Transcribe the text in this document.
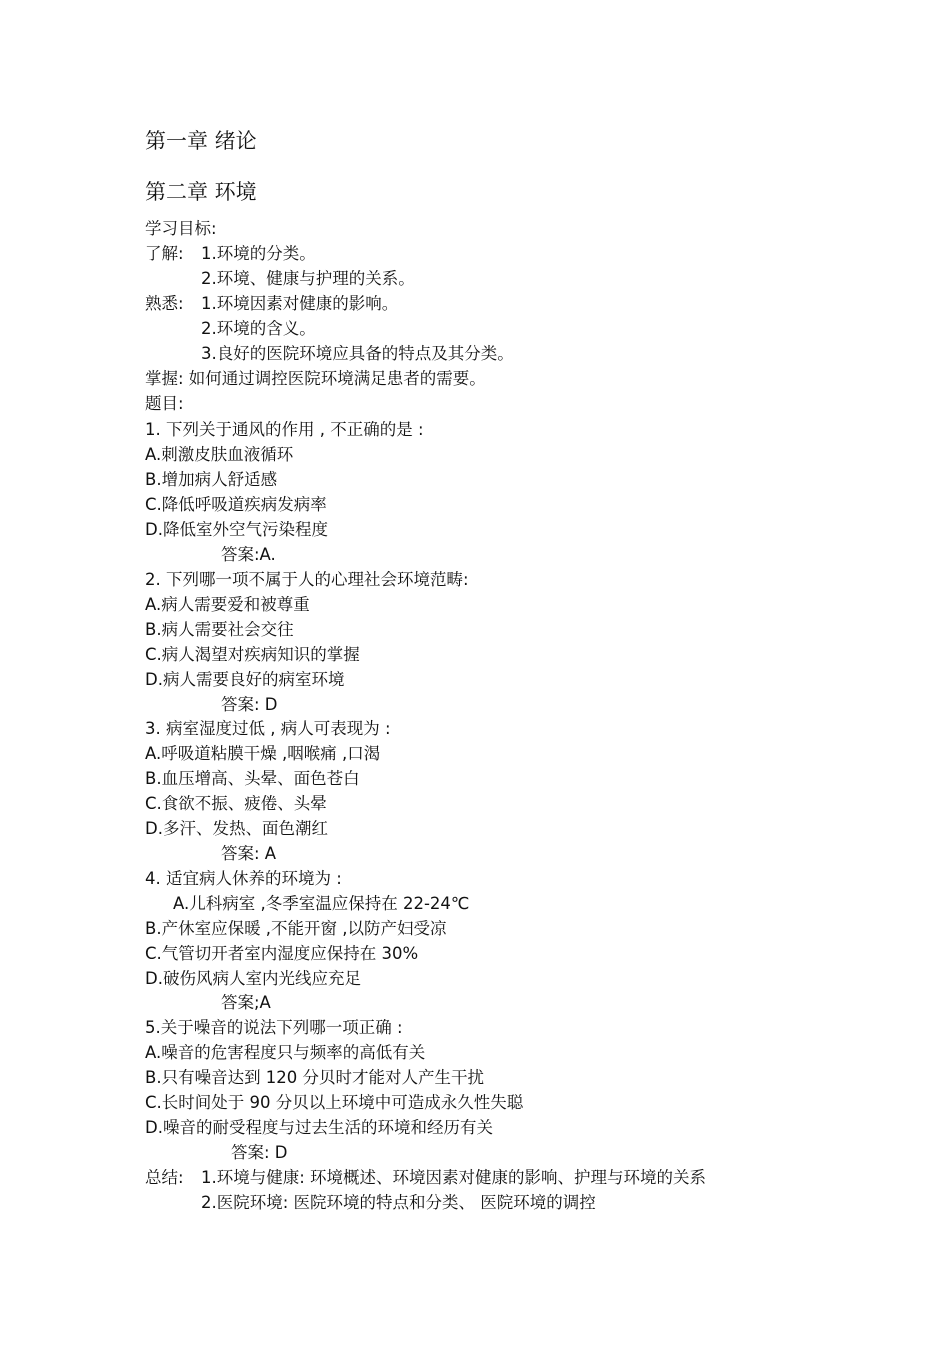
第一章 绪论
第二章 环境
学习目标:
了解: 1.环境的分类。
2.环境、健康与护理的关系。
熟悉: 1.环境因素对健康的影响。
2.环境的含义。
3.良好的医院环境应具备的特点及其分类。
掌握: 如何通过调控医院环境满足患者的需要。
题目:
1. 下列关于通风的作用 , 不正确的是 :
A.刺激皮肤血液循环
B.增加病人舒适感
C.降低呼吸道疾病发病率
D.降低室外空气污染程度
答案:A.
2. 下列哪一项不属于人的心理社会环境范畴:
A.病人需要爱和被尊重
B.病人需要社会交往
C.病人渴望对疾病知识的掌握
D.病人需要良好的病室环境
答案: D
3. 病室湿度过低 , 病人可表现为 :
A.呼吸道粘膜干燥 ,咽喉痛 ,口渴
B.血压增高、头晕、面色苍白
C.食欲不振、疲倦、头晕
D.多汗、发热、面色潮红
答案: A
4. 适宜病人休养的环境为 :
A.儿科病室 ,冬季室温应保持在 22-24℃
B.产休室应保暖 ,不能开窗 ,以防产妇受凉
C.气管切开者室内湿度应保持在 30%
D.破伤风病人室内光线应充足
答案;A
5.关于噪音的说法下列哪一项正确 :
A.噪音的危害程度只与频率的高低有关
B.只有噪音达到 120 分贝时才能对人产生干扰
C.长时间处于 90 分贝以上环境中可造成永久性失聪
D.噪音的耐受程度与过去生活的环境和经历有关
答案: D
总结: 1.环境与健康: 环境概述、环境因素对健康的影响、护理与环境的关系
2.医院环境: 医院环境的特点和分类、 医院环境的调控
